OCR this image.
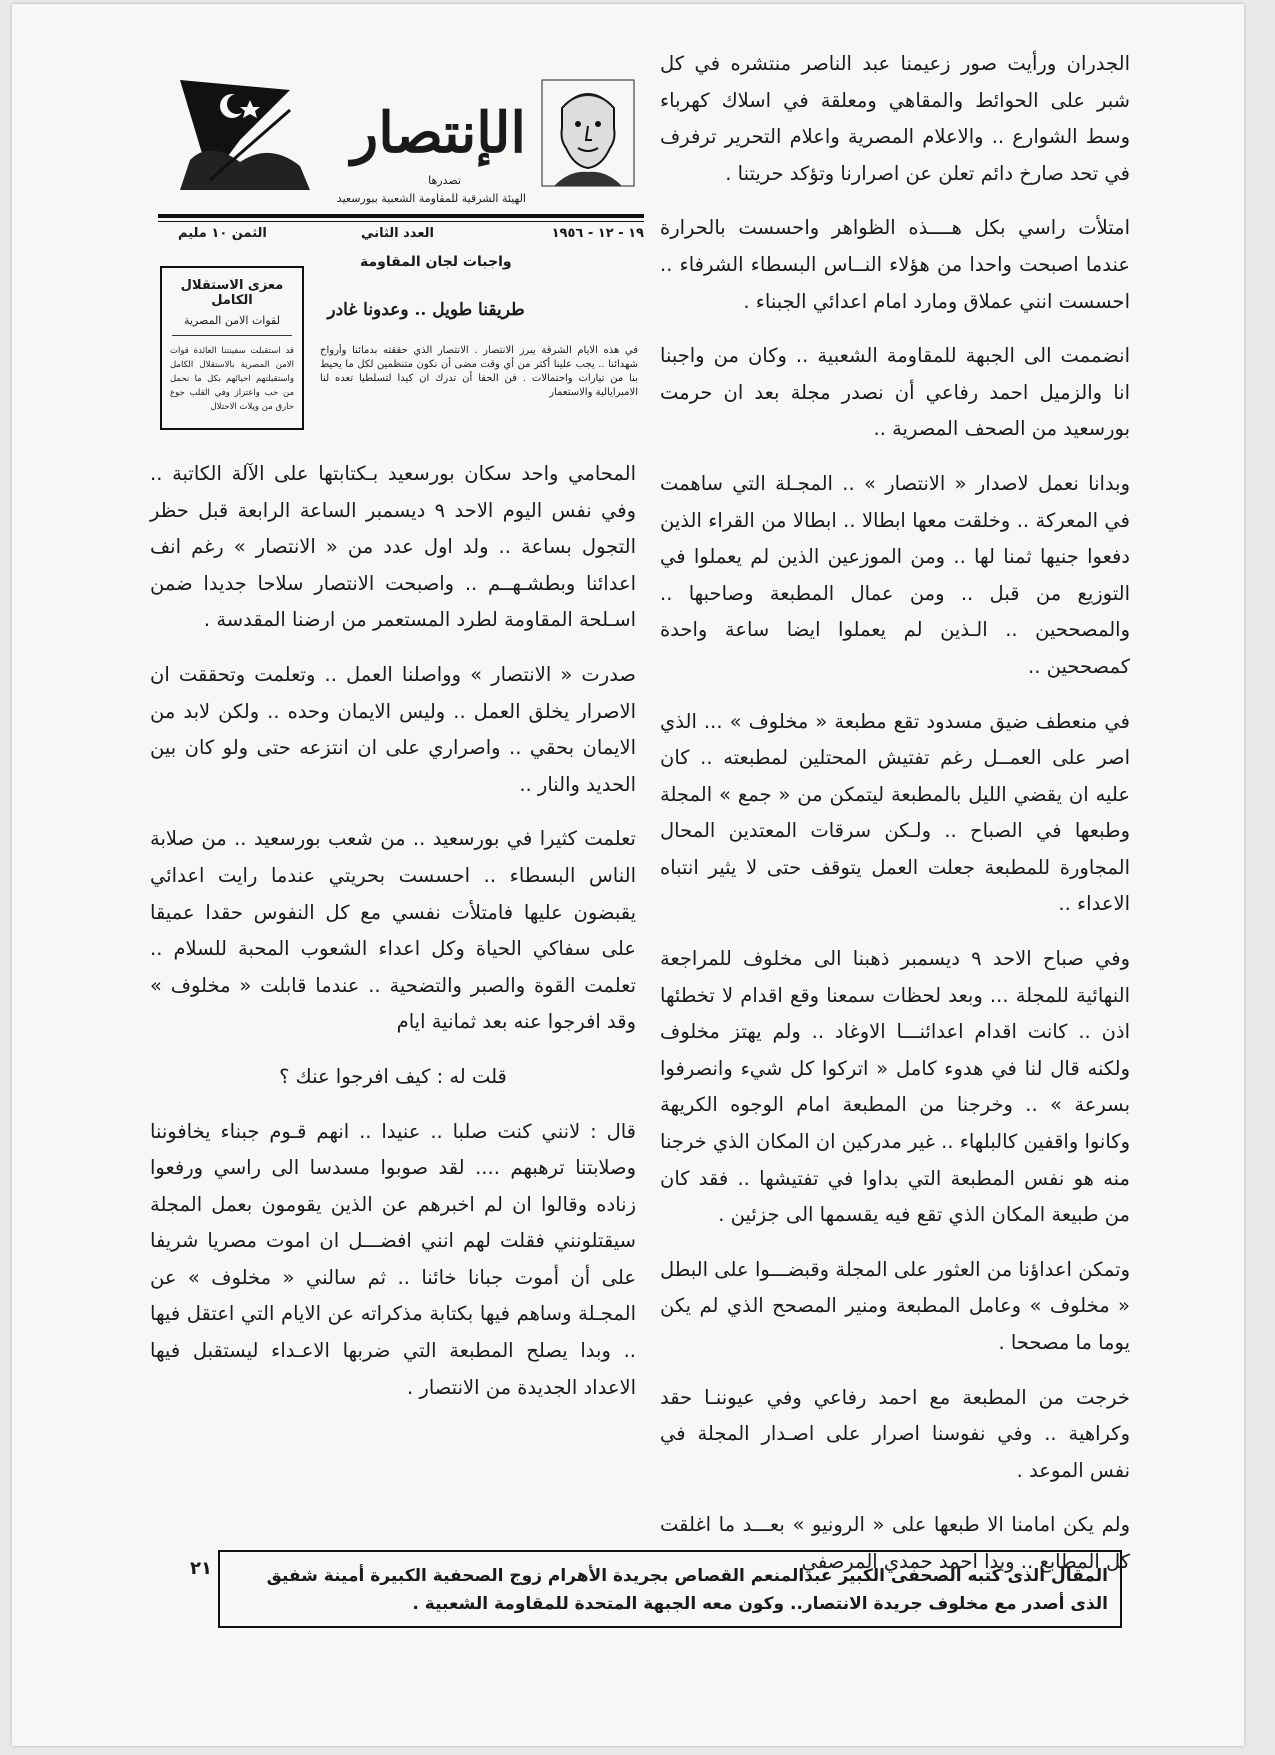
الإنتصار
تصدرها
الهيئة الشرقية للمقاومة الشعبية ببورسعيد
١٩ - ١٢ - ١٩٥٦
العدد الثاني
الثمن ١٠ مليم
واجبات لجان المقاومة
طريقنا طويل .. وعدونا غادر
في هذه الايام الشرقة يبرز الانتصار . الانتصار الذي حققته بدمائنا وأرواح شهدائنا .. يجب علينا أكثر من أي وقت مضى أن نكون متنظمين لكل ما يحيط بنا من تيارات واحتمالات . فن الحفا أن تدرك ان كيدا لتسلطيا تعده لنا الامبرايالية والاستعمار
معزى الاستقلال الكامل
لقوات الامن المصرية
قد استقبلت سفينتنا العائدة قوات الامن المصرية بالاستقلال الكامل واستقبلتهم احيائهم بكل ما نحمل من حب واعتزاز وفي القلب جوع حارق من ويلات الاحتلال

الجدران ورأيت صور زعيمنا عبد الناصر منتشره في كل شبر على الحوائط والمقاهي ومعلقة في اسلاك كهرباء وسط الشوارع .. والاعلام المصرية واعلام التحرير ترفرف في تحد صارخ دائم تعلن عن اصرارنا وتؤكد حريتنا .

امتلأت راسي بكل هــــذه الظواهر واحسست بالحرارة عندما اصبحت واحدا من هؤلاء النــاس البسطاء الشرفاء .. احسست انني عملاق ومارد امام اعدائي الجبناء .

انضممت الى الجبهة للمقاومة الشعبية .. وكان من واجبنا انا والزميل احمد رفاعي أن نصدر مجلة بعد ان حرمت بورسعيد من الصحف المصرية ..

وبدانا نعمل لاصدار « الانتصار » .. المجـلة التي ساهمت في المعركة .. وخلقت معها ابطالا .. ابطالا من القراء الذين دفعوا جنيها ثمنا لها .. ومن الموزعين الذين لم يعملوا في التوزيع من قبل .. ومن عمال المطبعة وصاحبها .. والمصححين .. الـذين لم يعملوا ايضا ساعة واحدة كمصححين ..

في منعطف ضيق مسدود تقع مطبعة « مخلوف » ... الذي اصر على العمــل رغم تفتيش المحتلين لمطبعته .. كان عليه ان يقضي الليل بالمطبعة ليتمكن من « جمع » المجلة وطبعها في الصباح .. ولـكن سرقات المعتدين المحال المجاورة للمطبعة جعلت العمل يتوقف حتى لا يثير انتباه الاعداء ..

وفي صباح الاحد ٩ ديسمبر ذهبنا الى مخلوف للمراجعة النهائية للمجلة ... وبعد لحظات سمعنا وقع اقدام لا تخطئها اذن .. كانت اقدام اعدائنـــا الاوغاد .. ولم يهتز مخلوف ولكنه قال لنا في هدوء كامل « اتركوا كل شيء وانصرفوا بسرعة » .. وخرجنا من المطبعة امام الوجوه الكريهة وكانوا واقفين كالبلهاء .. غير مدركين ان المكان الذي خرجنا منه هو نفس المطبعة التي بداوا في تفتيشها .. فقد كان من طبيعة المكان الذي تقع فيه يقسمها الى جزئين .

وتمكن اعداؤنا من العثور على المجلة وقبضـــوا على البطل « مخلوف » وعامل المطبعة ومنير المصحح الذي لم يكن يوما ما مصححا .

خرجت من المطبعة مع احمد رفاعي وفي عيوننـا حقد وكراهية .. وفي نفوسنا اصرار على اصـدار المجلة في نفس الموعد .

ولم يكن امامنا الا طبعها على « الرونيو » بعـــد ما اغلقت كل المطابع .. وبدا احمد حمدي المرصفي

المحامي واحد سكان بورسعيد بـكتابتها على الآلة الكاتبة .. وفي نفس اليوم الاحد ٩ ديسمبر الساعة الرابعة قبل حظر التجول بساعة .. ولد اول عدد من « الانتصار » رغم انف اعدائنا وبطشـهــم .. واصبحت الانتصار سلاحا جديدا ضمن اسـلحة المقاومة لطرد المستعمر من ارضنا المقدسة .

صدرت « الانتصار » وواصلنا العمل .. وتعلمت وتحققت ان الاصرار يخلق العمل .. وليس الايمان وحده .. ولكن لابد من الايمان بحقي .. واصراري على ان انتزعه حتى ولو كان بين الحديد والنار ..

تعلمت كثيرا في بورسعيد .. من شعب بورسعيد .. من صلابة الناس البسطاء .. احسست بحريتي عندما رايت اعدائي يقبضون عليها فامتلأت نفسي مع كل النفوس حقدا عميقا على سفاكي الحياة وكل اعداء الشعوب المحبة للسلام .. تعلمت القوة والصبر والتضحية .. عندما قابلت « مخلوف » وقد افرجوا عنه بعد ثمانية ايام

قلت له : كيف افرجوا عنك ؟

قال : لانني كنت صلبا .. عنيدا .. انهم قـوم جبناء يخافوننا وصلابتنا ترهبهم .... لقد صوبوا مسدسا الى راسي ورفعوا زناده وقالوا ان لم اخبرهم عن الذين يقومون بعمل المجلة سيقتلونني فقلت لهم انني افضـــل ان اموت مصريا شريفا على أن أموت جبانا خائنا .. ثم سالني « مخلوف » عن المجـلة وساهم فيها بكتابة مذكراته عن الايام التي اعتقل فيها .. وبدا يصلح المطبعة التي ضربها الاعـداء ليستقبل فيها الاعداد الجديدة من الانتصار .

٢١	المقال الذى كتبه الصحفى الكبير عبدالمنعم القصاص بجريدة الأهرام زوج الصحفية الكبيرة أمينة شفيق الذى أصدر مع مخلوف جريدة الانتصار.. وكون معه الجبهة المتحدة للمقاومة الشعبية .
